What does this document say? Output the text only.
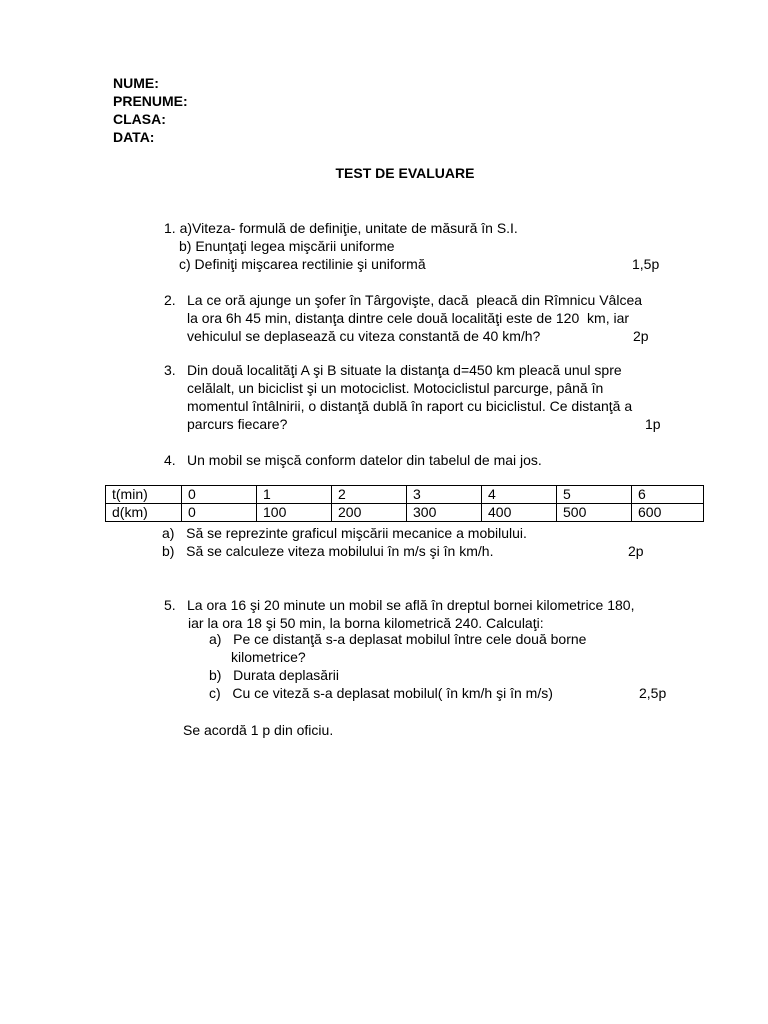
NUME:
PRENUME:
CLASA:
DATA:
TEST DE EVALUARE
1. a)Viteza- formulă de definiţie, unitate de măsură în S.I.
b) Enunţaţi legea mişcării uniforme
c) Definiţi mişcarea rectilinie şi uniformă	1,5p
2. La ce oră ajunge un şofer în Târgovişte, dacă  pleacă din Rîmnicu Vâlcea
la ora 6h 45 min, distanţa dintre cele două localităţi este de 120  km, iar
vehiculul se deplasează cu viteza constantă de 40 km/h?	2p
3. Din două localităţi A şi B situate la distanţa d=450 km pleacă unul spre
celălalt, un biciclist şi un motociclist. Motociclistul parcurge, până în
momentul întâlnirii, o distanţă dublă în raport cu biciclistul. Ce distanţă a
parcurs fiecare?	1p
4. Un mobil se mişcă conform datelor din tabelul de mai jos.
t(min)	0	1	2	3	4	5	6
d(km)	0	100	200	300	400	500	600
a)   Să se reprezinte graficul mişcării mecanice a mobilului.
b)   Să se calculeze viteza mobilului în m/s şi în km/h.	2p
5. La ora 16 şi 20 minute un mobil se află în dreptul bornei kilometrice 180,
iar la ora 18 şi 50 min, la borna kilometrică 240. Calculaţi:
a)   Pe ce distanţă s-a deplasat mobilul între cele două borne
kilometrice?
b)   Durata deplasării
c)   Cu ce viteză s-a deplasat mobilul( în km/h şi în m/s)	2,5p
Se acordă 1 p din oficiu.
